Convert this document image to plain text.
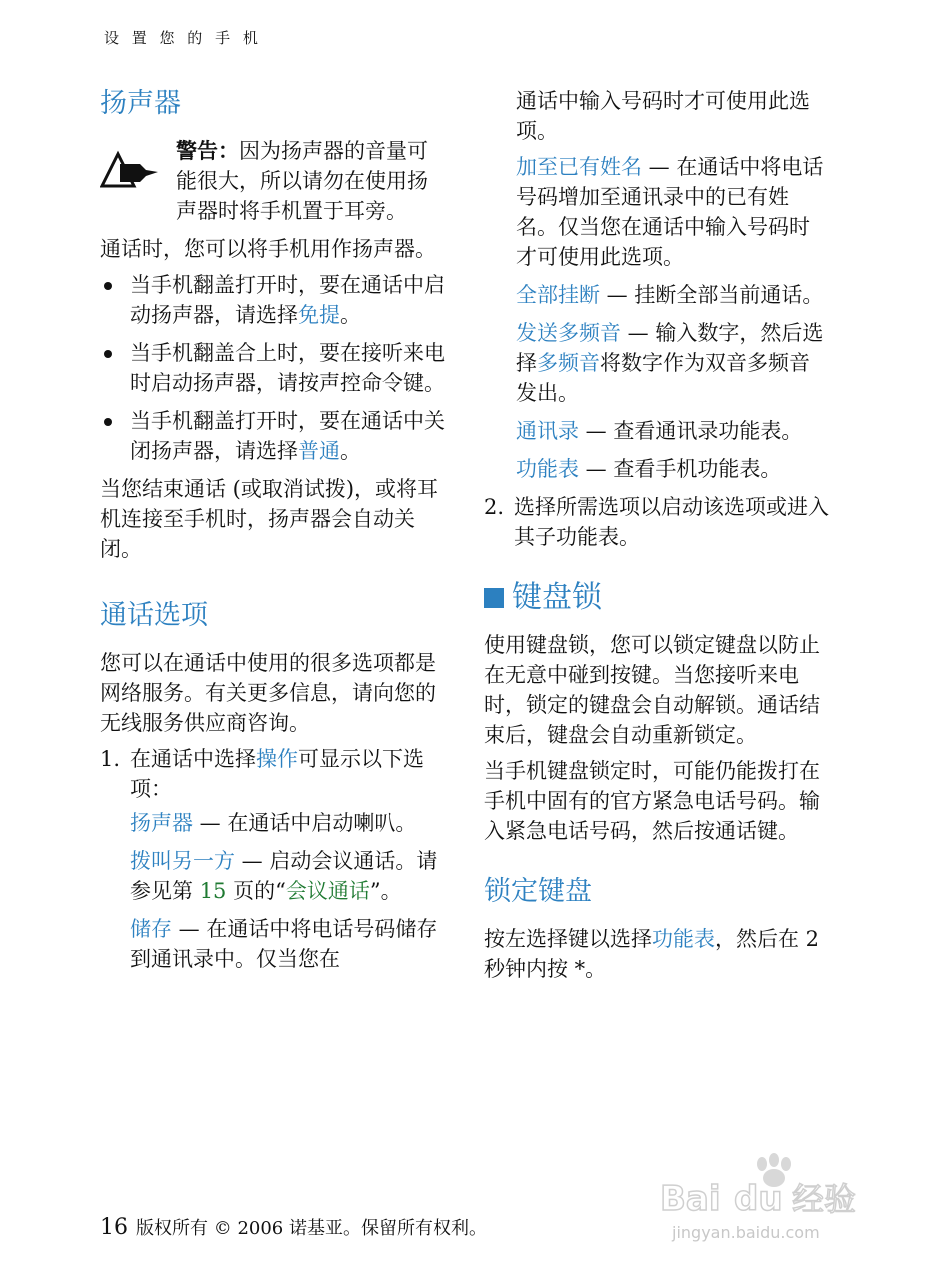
设 置 您 的 手 机
扬声器
警告：因为扬声器的音量可能很大，所以请勿在使用扬声器时将手机置于耳旁。

通话时，您可以将手机用作扬声器。

当手机翻盖打开时，要在通话中启动扬声器，请选择免提。
当手机翻盖合上时，要在接听来电时启动扬声器，请按声控命令键。
当手机翻盖打开时，要在通话中关闭扬声器，请选择普通。

当您结束通话 (或取消试拨)，或将耳机连接至手机时，扬声器会自动关闭。

通话选项

您可以在通话中使用的很多选项都是网络服务。有关更多信息，请向您的无线服务供应商咨询。

1. 在通话中选择操作可显示以下选项：
扬声器 — 在通话中启动喇叭。
拨叫另一方 — 启动会议通话。请参见第 15 页的“会议通话”。
储存 — 在通话中将电话号码储存到通讯录中。仅当您在

通话中输入号码时才可使用此选项。

加至已有姓名 — 在通话中将电话号码增加至通讯录中的已有姓名。仅当您在通话中输入号码时才可使用此选项。
全部挂断 — 挂断全部当前通话。
发送多频音 — 输入数字，然后选择多频音将数字作为双音多频音发出。
通讯录 — 查看通讯录功能表。
功能表 — 查看手机功能表。
2. 选择所需选项以启动该选项或进入其子功能表。
键盘锁

使用键盘锁，您可以锁定键盘以防止在无意中碰到按键。当您接听来电时，锁定的键盘会自动解锁。通话结束后，键盘会自动重新锁定。

当手机键盘锁定时，可能仍能拨打在手机中固有的官方紧急电话号码。输入紧急电话号码，然后按通话键。

锁定键盘

按左选择键以选择功能表，然后在 2 秒钟内按 *。

16 版权所有 © 2006 诺基亚。保留所有权利。
Bai du 经验
jingyan.baidu.com
